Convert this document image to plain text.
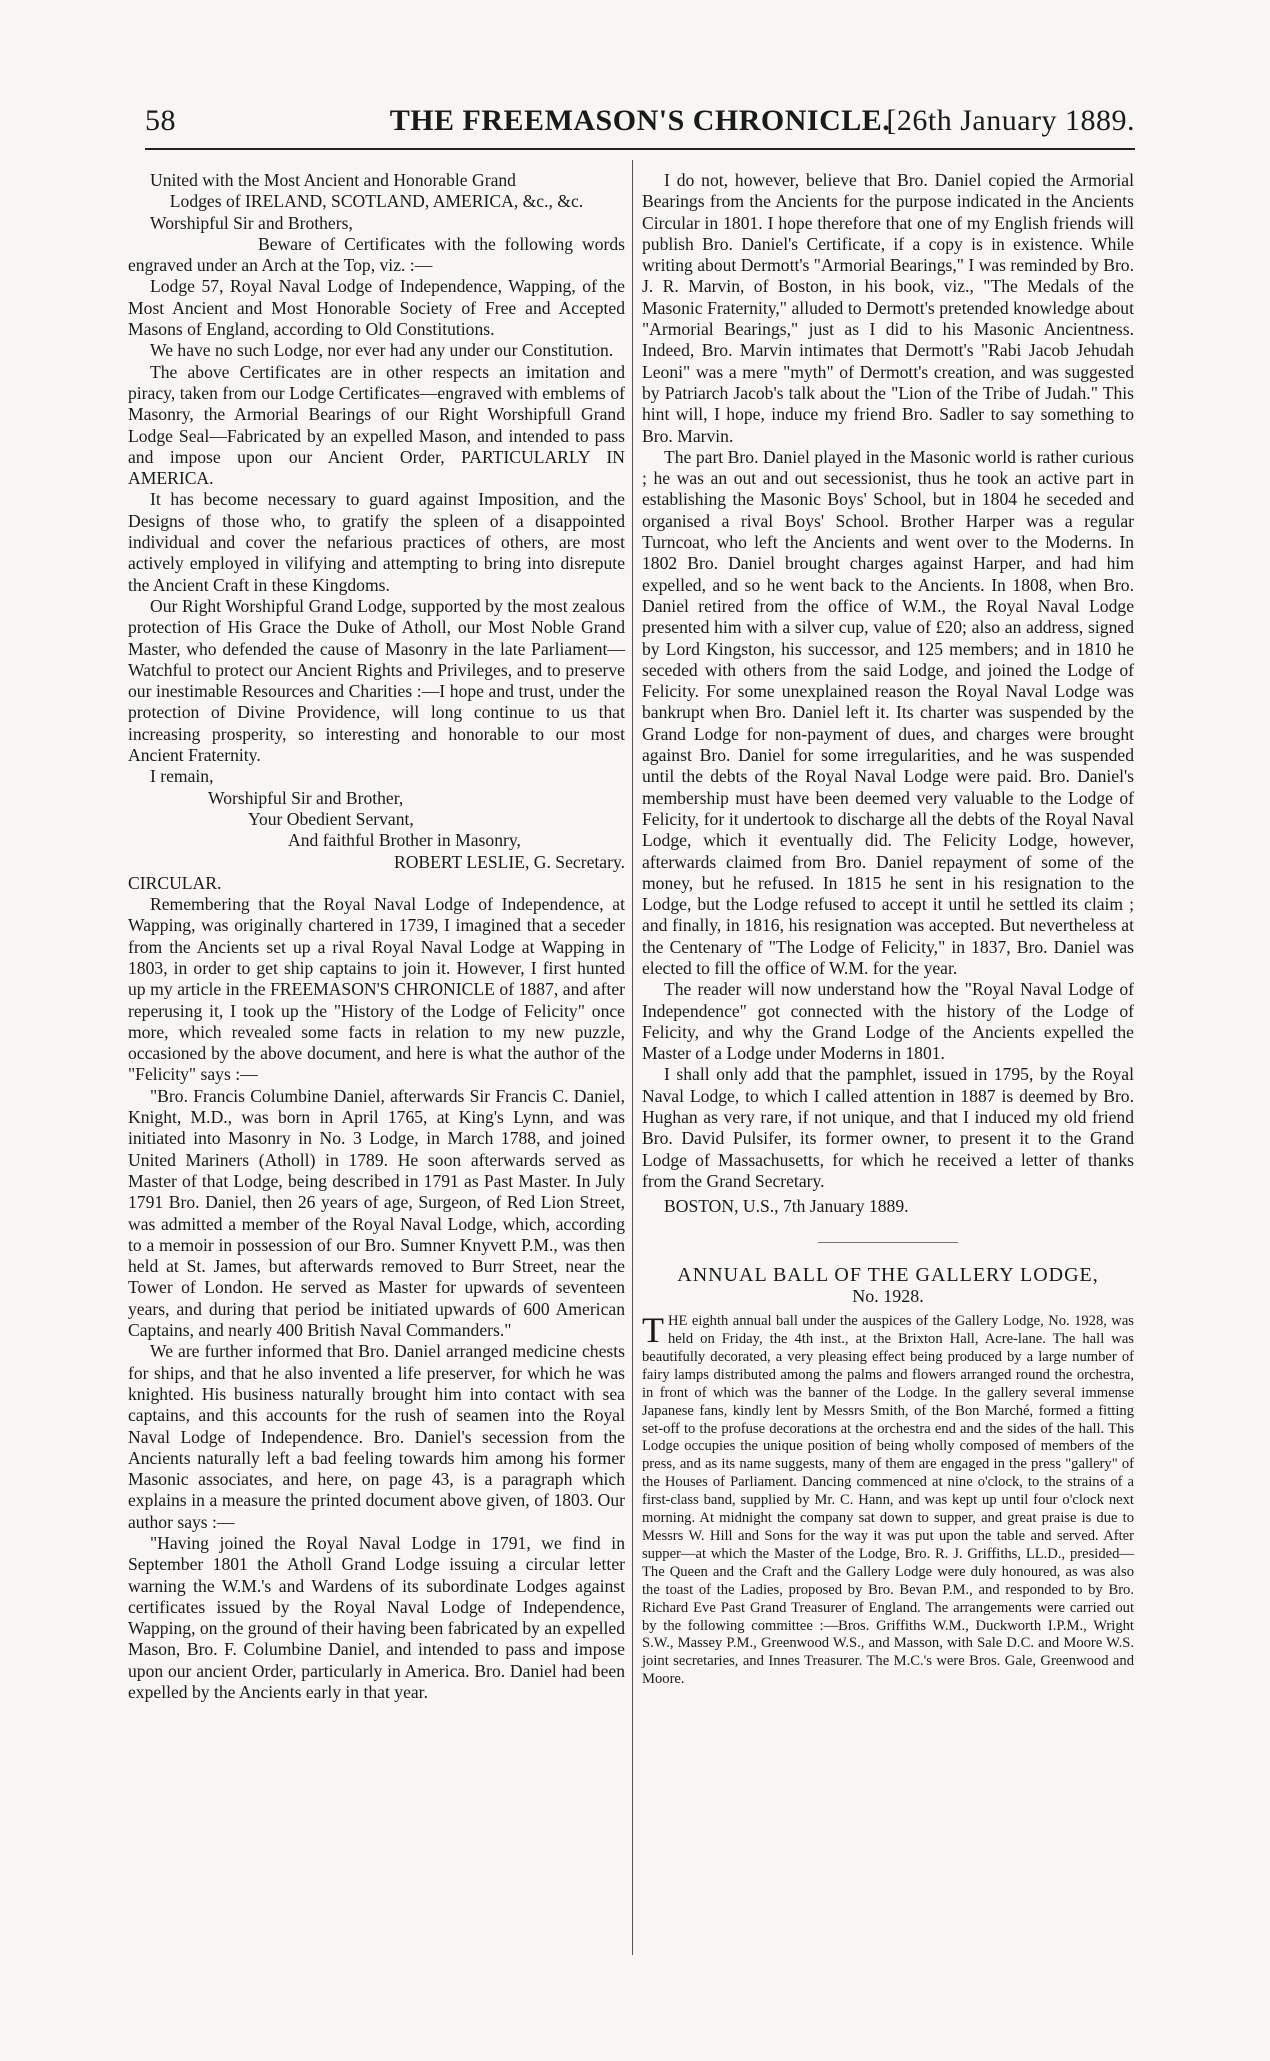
58	THE FREEMASON'S CHRONICLE.
[26th January 1889.

United with the Most Ancient and Honorable Grand

Lodges of IRELAND, SCOTLAND, AMERICA, &c., &c.

Worshipful Sir and Brothers,

Beware of Certificates with the following words engraved under an Arch at the Top, viz. :—

Lodge 57, Royal Naval Lodge of Independence, Wapping, of the Most Ancient and Most Honorable Society of Free and Accepted Masons of England, according to Old Constitutions.

We have no such Lodge, nor ever had any under our Constitution.

The above Certificates are in other respects an imitation and piracy, taken from our Lodge Certificates—engraved with emblems of Masonry, the Armorial Bearings of our Right Worshipfull Grand Lodge Seal—Fabricated by an expelled Mason, and intended to pass and impose upon our Ancient Order, PARTICULARLY IN AMERICA.

It has become necessary to guard against Imposition, and the Designs of those who, to gratify the spleen of a disappointed individual and cover the nefarious practices of others, are most actively employed in vilifying and attempting to bring into disrepute the Ancient Craft in these Kingdoms.

Our Right Worshipful Grand Lodge, supported by the most zealous protection of His Grace the Duke of Atholl, our Most Noble Grand Master, who defended the cause of Masonry in the late Parliament—Watchful to protect our Ancient Rights and Privileges, and to preserve our inestimable Resources and Charities :—I hope and trust, under the protection of Divine Providence, will long continue to us that increasing prosperity, so interesting and honorable to our most Ancient Fraternity.

I remain,

Worshipful Sir and Brother,

Your Obedient Servant,

And faithful Brother in Masonry,

ROBERT LESLIE, G. Secretary.

CIRCULAR.

Remembering that the Royal Naval Lodge of Independence, at Wapping, was originally chartered in 1739, I imagined that a seceder from the Ancients set up a rival Royal Naval Lodge at Wapping in 1803, in order to get ship captains to join it. However, I first hunted up my article in the FREEMASON'S CHRONICLE of 1887, and after reperusing it, I took up the "History of the Lodge of Felicity" once more, which revealed some facts in relation to my new puzzle, occasioned by the above document, and here is what the author of the "Felicity" says :—

"Bro. Francis Columbine Daniel, afterwards Sir Francis C. Daniel, Knight, M.D., was born in April 1765, at King's Lynn, and was initiated into Masonry in No. 3 Lodge, in March 1788, and joined United Mariners (Atholl) in 1789. He soon afterwards served as Master of that Lodge, being described in 1791 as Past Master. In July 1791 Bro. Daniel, then 26 years of age, Surgeon, of Red Lion Street, was admitted a member of the Royal Naval Lodge, which, according to a memoir in possession of our Bro. Sumner Knyvett P.M., was then held at St. James, but afterwards removed to Burr Street, near the Tower of London. He served as Master for upwards of seventeen years, and during that period be initiated upwards of 600 American Captains, and nearly 400 British Naval Commanders."

We are further informed that Bro. Daniel arranged medicine chests for ships, and that he also invented a life preserver, for which he was knighted. His business naturally brought him into contact with sea captains, and this accounts for the rush of seamen into the Royal Naval Lodge of Independence. Bro. Daniel's secession from the Ancients naturally left a bad feeling towards him among his former Masonic associates, and here, on page 43, is a paragraph which explains in a measure the printed document above given, of 1803. Our author says :—

"Having joined the Royal Naval Lodge in 1791, we find in September 1801 the Atholl Grand Lodge issuing a circular letter warning the W.M.'s and Wardens of its subordinate Lodges against certificates issued by the Royal Naval Lodge of Independence, Wapping, on the ground of their having been fabricated by an expelled Mason, Bro. F. Columbine Daniel, and intended to pass and impose upon our ancient Order, particularly in America. Bro. Daniel had been expelled by the Ancients early in that year.

I do not, however, believe that Bro. Daniel copied the Armorial Bearings from the Ancients for the purpose indicated in the Ancients Circular in 1801. I hope therefore that one of my English friends will publish Bro. Daniel's Certificate, if a copy is in existence. While writing about Dermott's "Armorial Bearings," I was reminded by Bro. J. R. Marvin, of Boston, in his book, viz., "The Medals of the Masonic Fraternity," alluded to Dermott's pretended knowledge about "Armorial Bearings," just as I did to his Masonic Ancientness. Indeed, Bro. Marvin intimates that Dermott's "Rabi Jacob Jehudah Leoni" was a mere "myth" of Dermott's creation, and was suggested by Patriarch Jacob's talk about the "Lion of the Tribe of Judah." This hint will, I hope, induce my friend Bro. Sadler to say something to Bro. Marvin.

The part Bro. Daniel played in the Masonic world is rather curious ; he was an out and out secessionist, thus he took an active part in establishing the Masonic Boys' School, but in 1804 he seceded and organised a rival Boys' School. Brother Harper was a regular Turncoat, who left the Ancients and went over to the Moderns. In 1802 Bro. Daniel brought charges against Harper, and had him expelled, and so he went back to the Ancients. In 1808, when Bro. Daniel retired from the office of W.M., the Royal Naval Lodge presented him with a silver cup, value of £20; also an address, signed by Lord Kingston, his successor, and 125 members; and in 1810 he seceded with others from the said Lodge, and joined the Lodge of Felicity. For some unexplained reason the Royal Naval Lodge was bankrupt when Bro. Daniel left it. Its charter was suspended by the Grand Lodge for non-payment of dues, and charges were brought against Bro. Daniel for some irregularities, and he was suspended until the debts of the Royal Naval Lodge were paid. Bro. Daniel's membership must have been deemed very valuable to the Lodge of Felicity, for it undertook to discharge all the debts of the Royal Naval Lodge, which it eventually did. The Felicity Lodge, however, afterwards claimed from Bro. Daniel repayment of some of the money, but he refused. In 1815 he sent in his resignation to the Lodge, but the Lodge refused to accept it until he settled its claim ; and finally, in 1816, his resignation was accepted. But nevertheless at the Centenary of "The Lodge of Felicity," in 1837, Bro. Daniel was elected to fill the office of W.M. for the year.

The reader will now understand how the "Royal Naval Lodge of Independence" got connected with the history of the Lodge of Felicity, and why the Grand Lodge of the Ancients expelled the Master of a Lodge under Moderns in 1801.

I shall only add that the pamphlet, issued in 1795, by the Royal Naval Lodge, to which I called attention in 1887 is deemed by Bro. Hughan as very rare, if not unique, and that I induced my old friend Bro. David Pulsifer, its former owner, to present it to the Grand Lodge of Massachusetts, for which he received a letter of thanks from the Grand Secretary.

BOSTON, U.S., 7th January 1889.

ANNUAL BALL OF THE GALLERY LODGE,

No. 1928.

THE eighth annual ball under the auspices of the Gallery Lodge, No. 1928, was held on Friday, the 4th inst., at the Brixton Hall, Acre-lane. The hall was beautifully decorated, a very pleasing effect being produced by a large number of fairy lamps distributed among the palms and flowers arranged round the orchestra, in front of which was the banner of the Lodge. In the gallery several immense Japanese fans, kindly lent by Messrs Smith, of the Bon Marché, formed a fitting set-off to the profuse decorations at the orchestra end and the sides of the hall. This Lodge occupies the unique position of being wholly composed of members of the press, and as its name suggests, many of them are engaged in the press "gallery" of the Houses of Parliament. Dancing commenced at nine o'clock, to the strains of a first-class band, supplied by Mr. C. Hann, and was kept up until four o'clock next morning. At midnight the company sat down to supper, and great praise is due to Messrs W. Hill and Sons for the way it was put upon the table and served. After supper—at which the Master of the Lodge, Bro. R. J. Griffiths, LL.D., presided—The Queen and the Craft and the Gallery Lodge were duly honoured, as was also the toast of the Ladies, proposed by Bro. Bevan P.M., and responded to by Bro. Richard Eve Past Grand Treasurer of England. The arrangements were carried out by the following committee :—Bros. Griffiths W.M., Duckworth I.P.M., Wright S.W., Massey P.M., Greenwood W.S., and Masson, with Sale D.C. and Moore W.S. joint secretaries, and Innes Treasurer. The M.C.'s were Bros. Gale, Greenwood and Moore.
